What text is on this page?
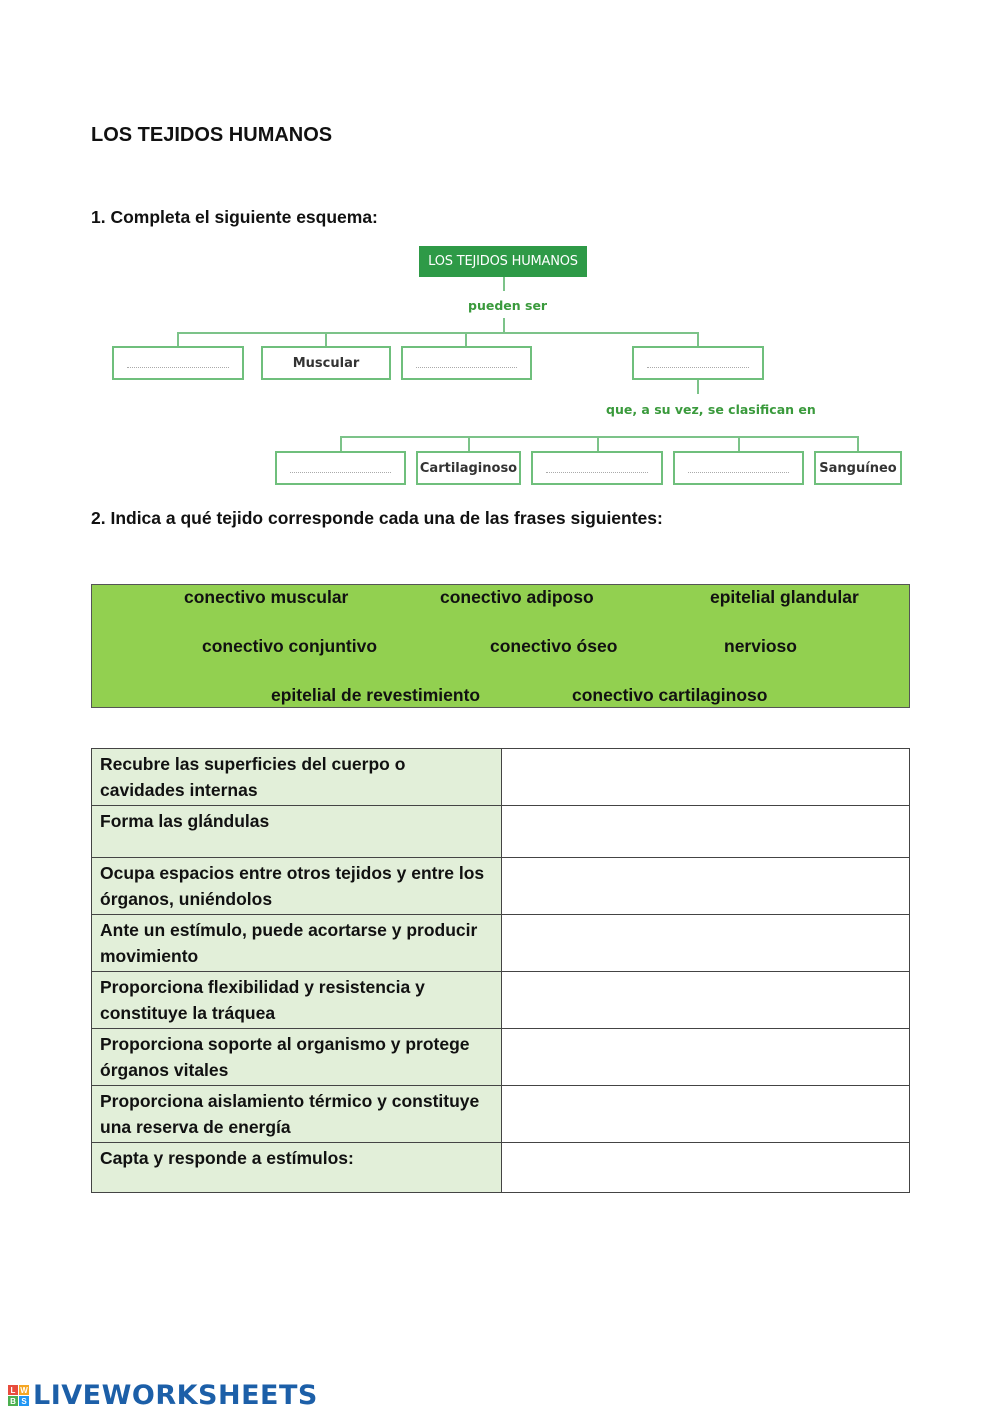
LOS TEJIDOS HUMANOS
1. Completa el siguiente esquema:
LOS TEJIDOS HUMANOS
pueden ser
Muscular
que, a su vez, se clasifican en
Cartilaginoso	Sanguíneo
2. Indica a qué tejido corresponde cada una de las frases siguientes:
conectivo muscular	conectivo adiposo	epitelial glandular
conectivo conjuntivo	conectivo óseo	nervioso
epitelial de revestimiento	conectivo cartilaginoso
Recubre las superficies del cuerpo o cavidades internas	
Forma las glándulas	
Ocupa espacios entre otros tejidos y entre los órganos, uniéndolos	
Ante un estímulo, puede acortarse y producir movimiento	
Proporciona flexibilidad y resistencia y constituye la tráquea	
Proporciona soporte al organismo y protege órganos vitales	
Proporciona aislamiento térmico y constituye una reserva de energía	
Capta y responde a estímulos:	
L W
B S LIVEWORKSHEETS
